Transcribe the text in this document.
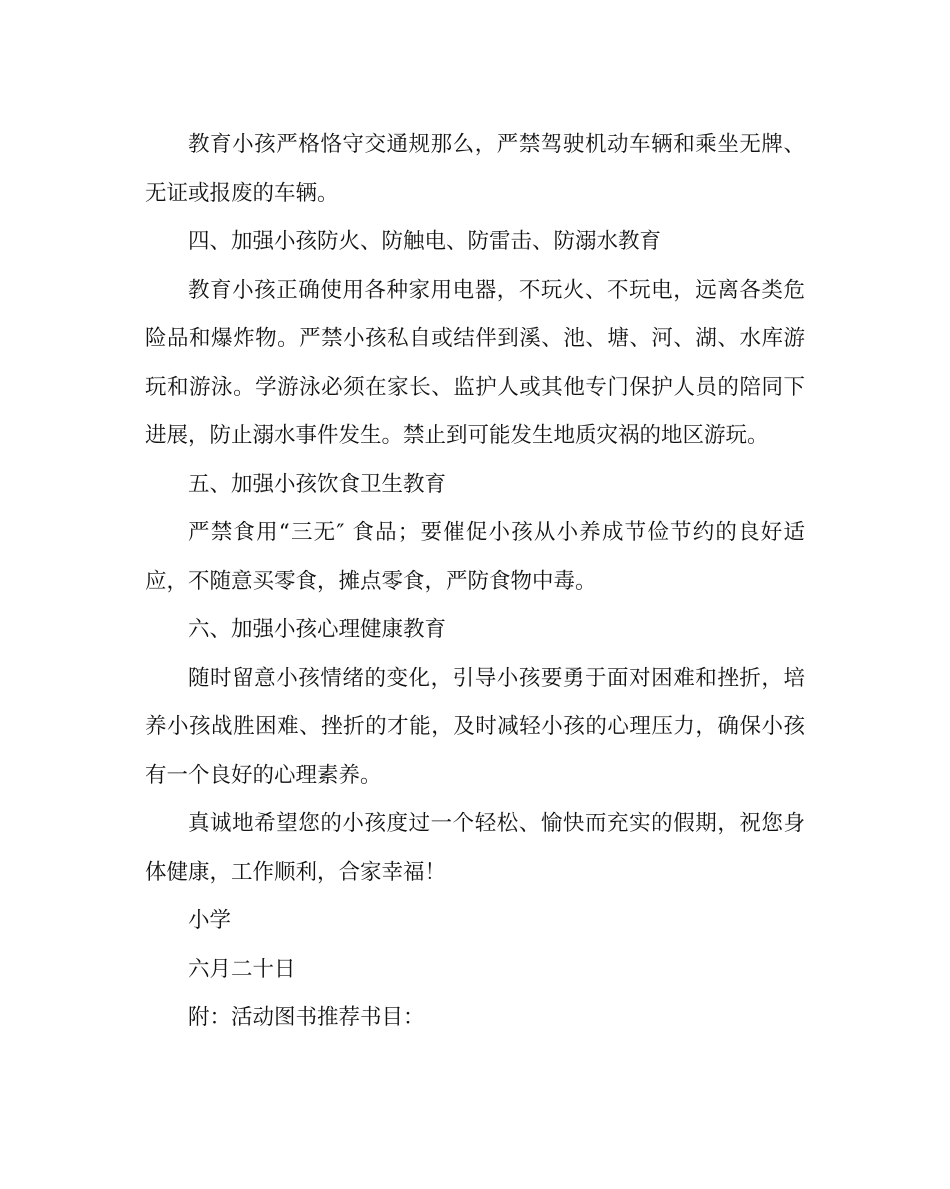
教育小孩严格恪守交通规那么，严禁驾驶机动车辆和乘坐无牌、无证或报废的车辆。

四、加强小孩防火、防触电、防雷击、防溺水教育

教育小孩正确使用各种家用电器，不玩火、不玩电，远离各类危险品和爆炸物。严禁小孩私自或结伴到溪、池、塘、河、湖、水库游玩和游泳。学游泳必须在家长、监护人或其他专门保护人员的陪同下进展，防止溺水事件发生。禁止到可能发生地质灾祸的地区游玩。

五、加强小孩饮食卫生教育

严禁食用“三无″ 食品；要催促小孩从小养成节俭节约的良好适应，不随意买零食，摊点零食，严防食物中毒。

六、加强小孩心理健康教育

随时留意小孩情绪的变化，引导小孩要勇于面对困难和挫折，培养小孩战胜困难、挫折的才能，及时减轻小孩的心理压力，确保小孩有一个良好的心理素养。

真诚地希望您的小孩度过一个轻松、愉快而充实的假期，祝您身体健康，工作顺利，合家幸福！

小学

六月二十日

附：活动图书推荐书目：
